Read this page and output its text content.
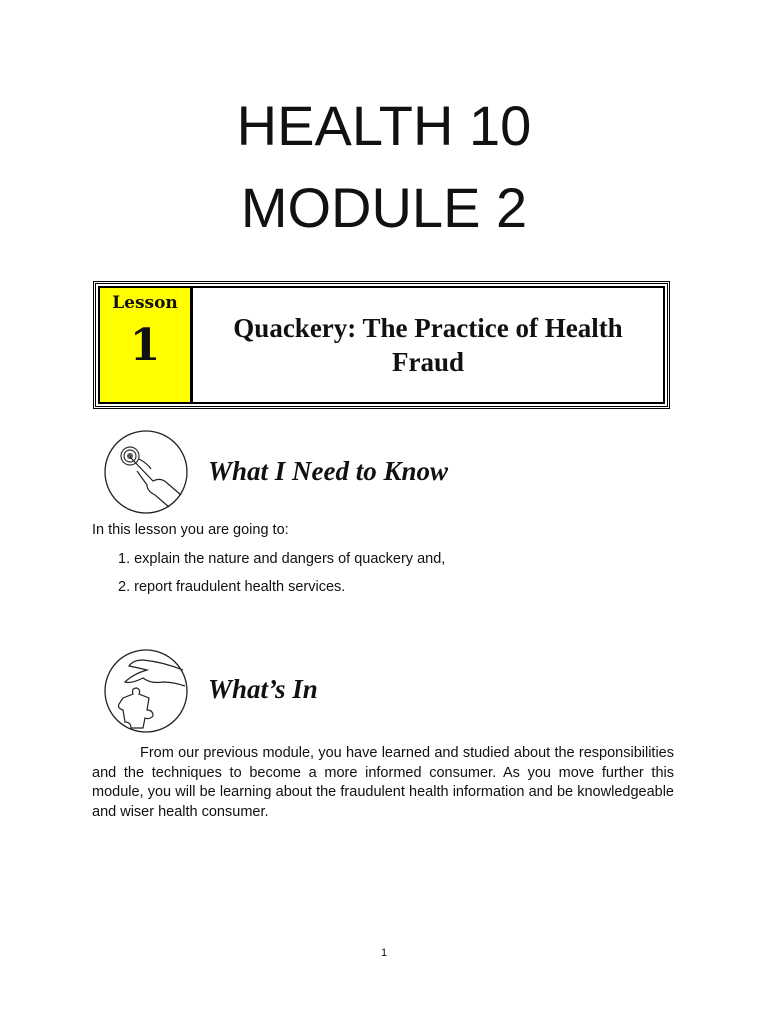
HEALTH 10
MODULE 2
Lesson
1	Quackery: The Practice of Health Fraud
What I Need to Know
In this lesson you are going to:
1. explain the nature and dangers of quackery and,
2. report fraudulent health services.
What’s In
From our previous module, you have learned and studied about the responsibilities and the techniques to become a more informed consumer. As you move further this module, you will be learning about the fraudulent health information and be knowledgeable and wiser health consumer.
1
